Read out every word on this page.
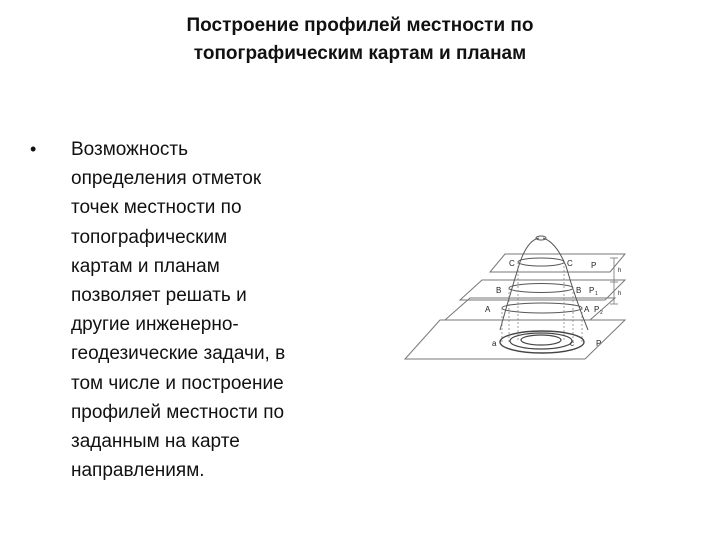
Построение профилей местности по
топографическим картам и планам
• Возможность
определения отметок
точек местности по
топографическим
картам и планам
позволяет решать и
другие инженерно-
геодезические задачи, в
том числе и построение
профилей местности по
заданным на карте
направлениям.
C	C P
B	B P 1
A	A P 2
a	c	P
h
h
